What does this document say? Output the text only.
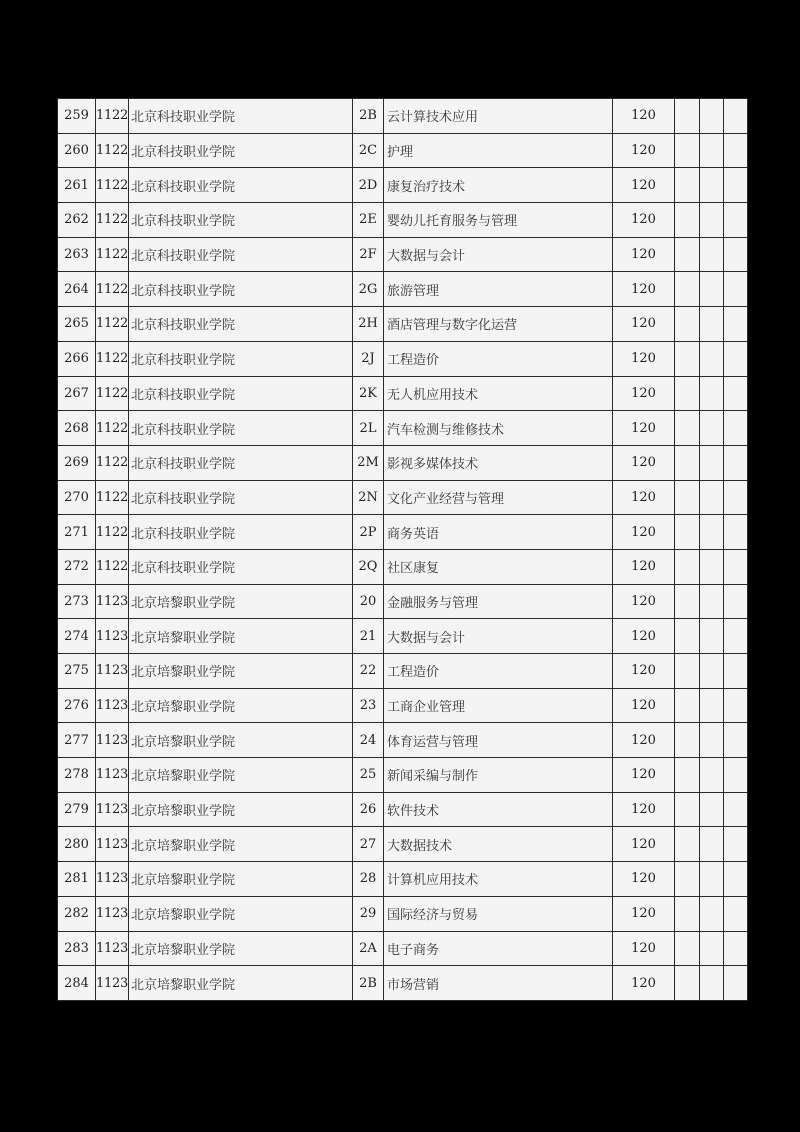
259	1122	北京科技职业学院	2B	云计算技术应用	120			
260	1122	北京科技职业学院	2C	护理	120			
261	1122	北京科技职业学院	2D	康复治疗技术	120			
262	1122	北京科技职业学院	2E	婴幼儿托育服务与管理	120			
263	1122	北京科技职业学院	2F	大数据与会计	120			
264	1122	北京科技职业学院	2G	旅游管理	120			
265	1122	北京科技职业学院	2H	酒店管理与数字化运营	120			
266	1122	北京科技职业学院	2J	工程造价	120			
267	1122	北京科技职业学院	2K	无人机应用技术	120			
268	1122	北京科技职业学院	2L	汽车检测与维修技术	120			
269	1122	北京科技职业学院	2M	影视多媒体技术	120			
270	1122	北京科技职业学院	2N	文化产业经营与管理	120			
271	1122	北京科技职业学院	2P	商务英语	120			
272	1122	北京科技职业学院	2Q	社区康复	120			
273	1123	北京培黎职业学院	20	金融服务与管理	120			
274	1123	北京培黎职业学院	21	大数据与会计	120			
275	1123	北京培黎职业学院	22	工程造价	120			
276	1123	北京培黎职业学院	23	工商企业管理	120			
277	1123	北京培黎职业学院	24	体育运营与管理	120			
278	1123	北京培黎职业学院	25	新闻采编与制作	120			
279	1123	北京培黎职业学院	26	软件技术	120			
280	1123	北京培黎职业学院	27	大数据技术	120			
281	1123	北京培黎职业学院	28	计算机应用技术	120			
282	1123	北京培黎职业学院	29	国际经济与贸易	120			
283	1123	北京培黎职业学院	2A	电子商务	120			
284	1123	北京培黎职业学院	2B	市场营销	120			
